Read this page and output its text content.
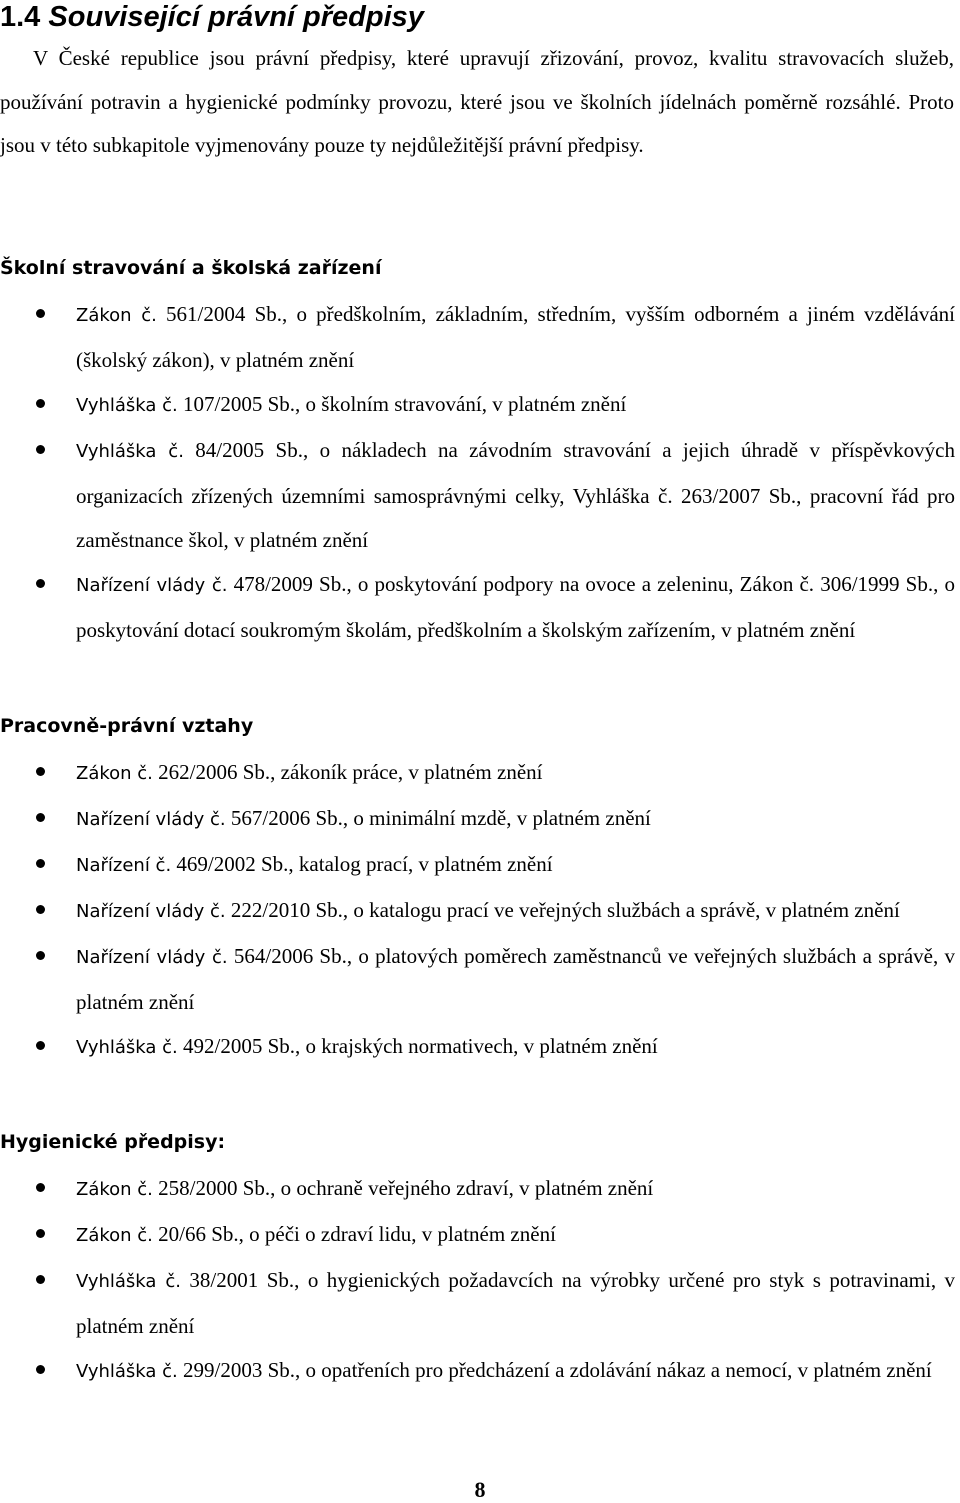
1.4 Související právní předpisy

V České republice jsou právní předpisy, které upravují zřizování, provoz, kvalitu stravovacích služeb, používání potravin a hygienické podmínky provozu, které jsou ve školních jídelnách poměrně rozsáhlé. Proto jsou v této subkapitole vyjmenovány pouze ty nejdůležitější právní předpisy.

Školní stravování a školská zařízení
Zákon č. 561/2004 Sb., o předškolním, základním, středním, vyšším odborném a jiném vzdělávání (školský zákon), v platném znění
Vyhláška č. 107/2005 Sb., o školním stravování, v platném znění
Vyhláška č. 84/2005 Sb., o nákladech na závodním stravování a jejich úhradě v příspěvkových organizacích zřízených územními samosprávnými celky, Vyhláška č. 263/2007 Sb., pracovní řád pro zaměstnance škol, v platném znění
Nařízení vlády č. 478/2009 Sb., o poskytování podpory na ovoce a zeleninu, Zákon č. 306/1999 Sb., o poskytování dotací soukromým školám, předškolním a školským zařízením, v platném znění
Pracovně-právní vztahy
Zákon č. 262/2006 Sb., zákoník práce, v platném znění
Nařízení vlády č. 567/2006 Sb., o minimální mzdě, v platném znění
Nařízení č. 469/2002 Sb., katalog prací, v platném znění
Nařízení vlády č. 222/2010 Sb., o katalogu prací ve veřejných službách a správě, v platném znění
Nařízení vlády č. 564/2006 Sb., o platových poměrech zaměstnanců ve veřejných službách a správě, v platném znění
Vyhláška č. 492/2005 Sb., o krajských normativech, v platném znění
Hygienické předpisy:
Zákon č. 258/2000 Sb., o ochraně veřejného zdraví, v platném znění
Zákon č. 20/66 Sb., o péči o zdraví lidu, v platném znění
Vyhláška č. 38/2001 Sb., o hygienických požadavcích na výrobky určené pro styk s potravinami, v platném znění
Vyhláška č. 299/2003 Sb., o opatřeních pro předcházení a zdolávání nákaz a nemocí, v platném znění

8
